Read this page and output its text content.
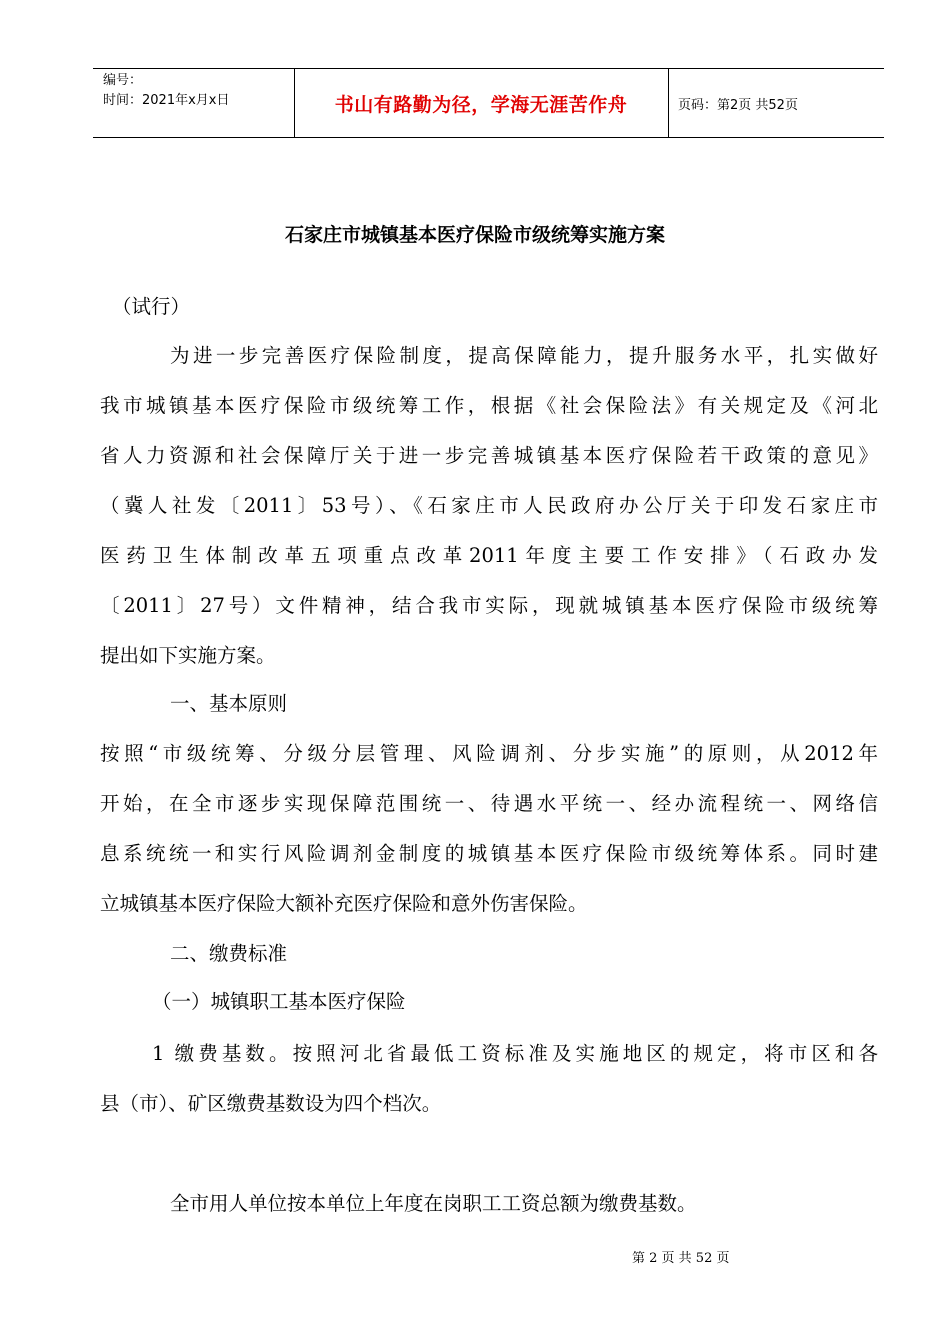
编号：
时间：2021年x月x日	书山有路勤为径，学海无涯苦作舟	页码：第2页 共52页
石家庄市城镇基本医疗保险市级统筹实施方案
（试行）
为进一步完善医疗保险制度，提高保障能力，提升服务水平，扎实做好
我市城镇基本医疗保险市级统筹工作，根据《社会保险法》有关规定及《河北
省人力资源和社会保障厅关于进一步完善城镇基本医疗保险若干政策的意见》
（冀人社发〔2011〕53号）、《石家庄市人民政府办公厅关于印发石家庄市
医药卫生体制改革五项重点改革2011年度主要工作安排》（石政办发
〔2011〕27号）文件精神，结合我市实际，现就城镇基本医疗保险市级统筹
提出如下实施方案。
一、基本原则
按照“市级统筹、分级分层管理、风险调剂、分步实施”的原则，从2012年
开始，在全市逐步实现保障范围统一、待遇水平统一、经办流程统一、网络信
息系统统一和实行风险调剂金制度的城镇基本医疗保险市级统筹体系。同时建
立城镇基本医疗保险大额补充医疗保险和意外伤害保险。
二、缴费标准
（一）城镇职工基本医疗保险
1 缴费基数。按照河北省最低工资标准及实施地区的规定，将市区和各
县（市）、矿区缴费基数设为四个档次。
全市用人单位按本单位上年度在岗职工工资总额为缴费基数。
第 2 页 共 52 页
